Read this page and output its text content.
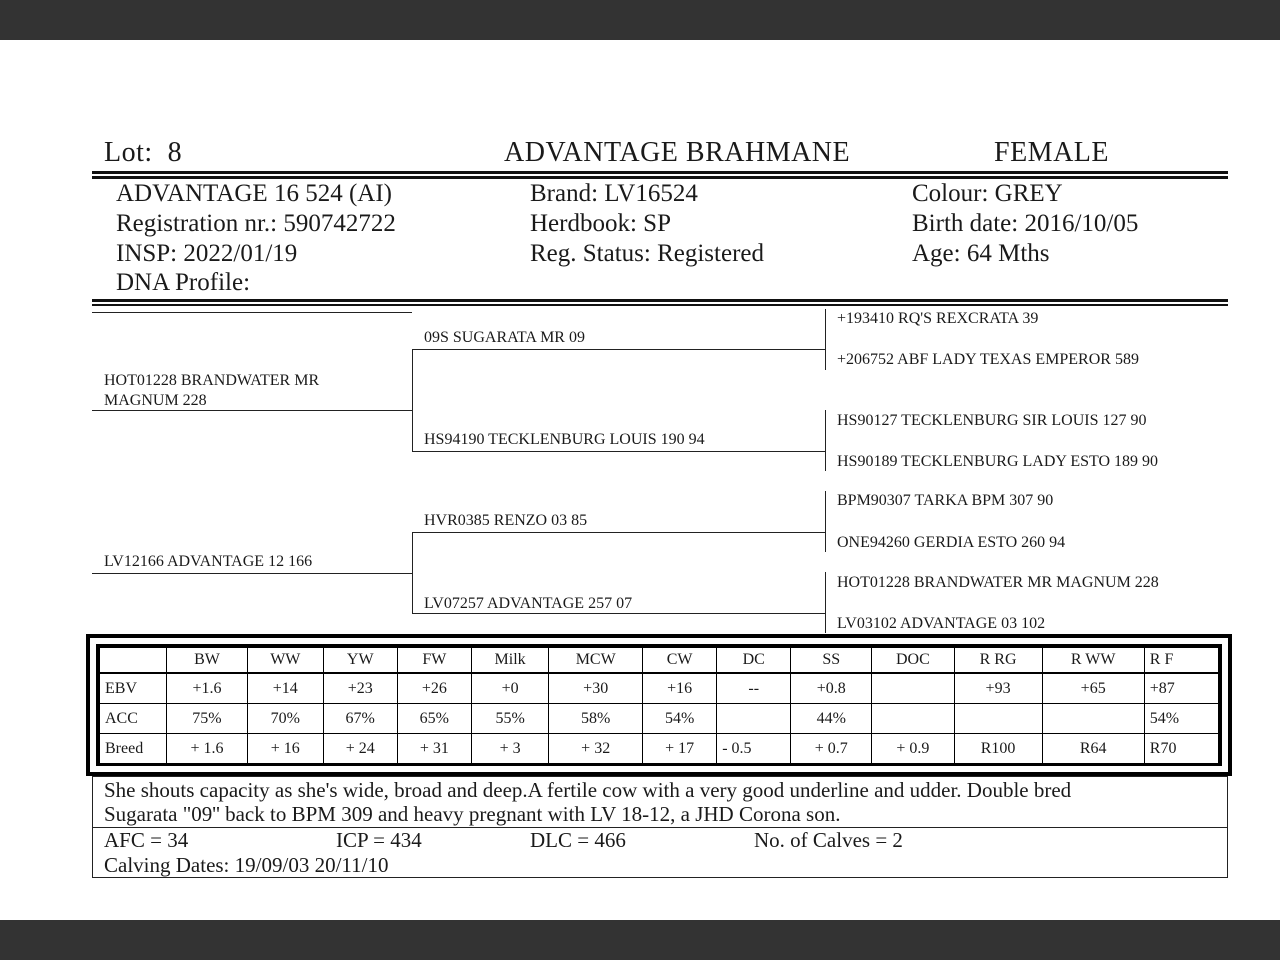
Lot: 8	ADVANTAGE BRAHMANE	FEMALE
ADVANTAGE 16 524 (AI)
Registration nr.: 590742722
INSP: 2022/01/19
DNA Profile:
Brand: LV16524
Herdbook: SP
Reg. Status: Registered
Colour: GREY
Birth date: 2016/10/05
Age: 64 Mths
HOT01228 BRANDWATER MR
MAGNUM 228
LV12166 ADVANTAGE 12 166
09S SUGARATA MR 09
HS94190 TECKLENBURG LOUIS 190 94
HVR0385 RENZO 03 85
LV07257 ADVANTAGE 257 07
+193410 RQ'S REXCRATA 39
+206752 ABF LADY TEXAS EMPEROR 589
HS90127 TECKLENBURG SIR LOUIS 127 90
HS90189 TECKLENBURG LADY ESTO 189 90
BPM90307 TARKA BPM 307 90
ONE94260 GERDIA ESTO 260 94
HOT01228 BRANDWATER MR MAGNUM 228
LV03102 ADVANTAGE 03 102
	BW	WW	YW	FW	Milk	MCW	CW	DC	SS	DOC	R RG	R WW	R F
EBV	+1.6	+14	+23	+26	+0	+30	+16	--	+0.8		+93	+65	+87
ACC	75%	70%	67%	65%	55%	58%	54%		44%				54%
Breed	+ 1.6	+ 16	+ 24	+ 31	+ 3	+ 32	+ 17	- 0.5	+ 0.7	+ 0.9	R100	R64	R70
She shouts capacity as she's wide, broad and deep.A fertile cow with a very good underline and udder. Double bred
Sugarata "09'' back to BPM 309 and heavy pregnant with LV 18-12, a JHD Corona son.
AFC = 34	ICP = 434	DLC = 466	No. of Calves = 2
Calving Dates: 19/09/03 20/11/10
